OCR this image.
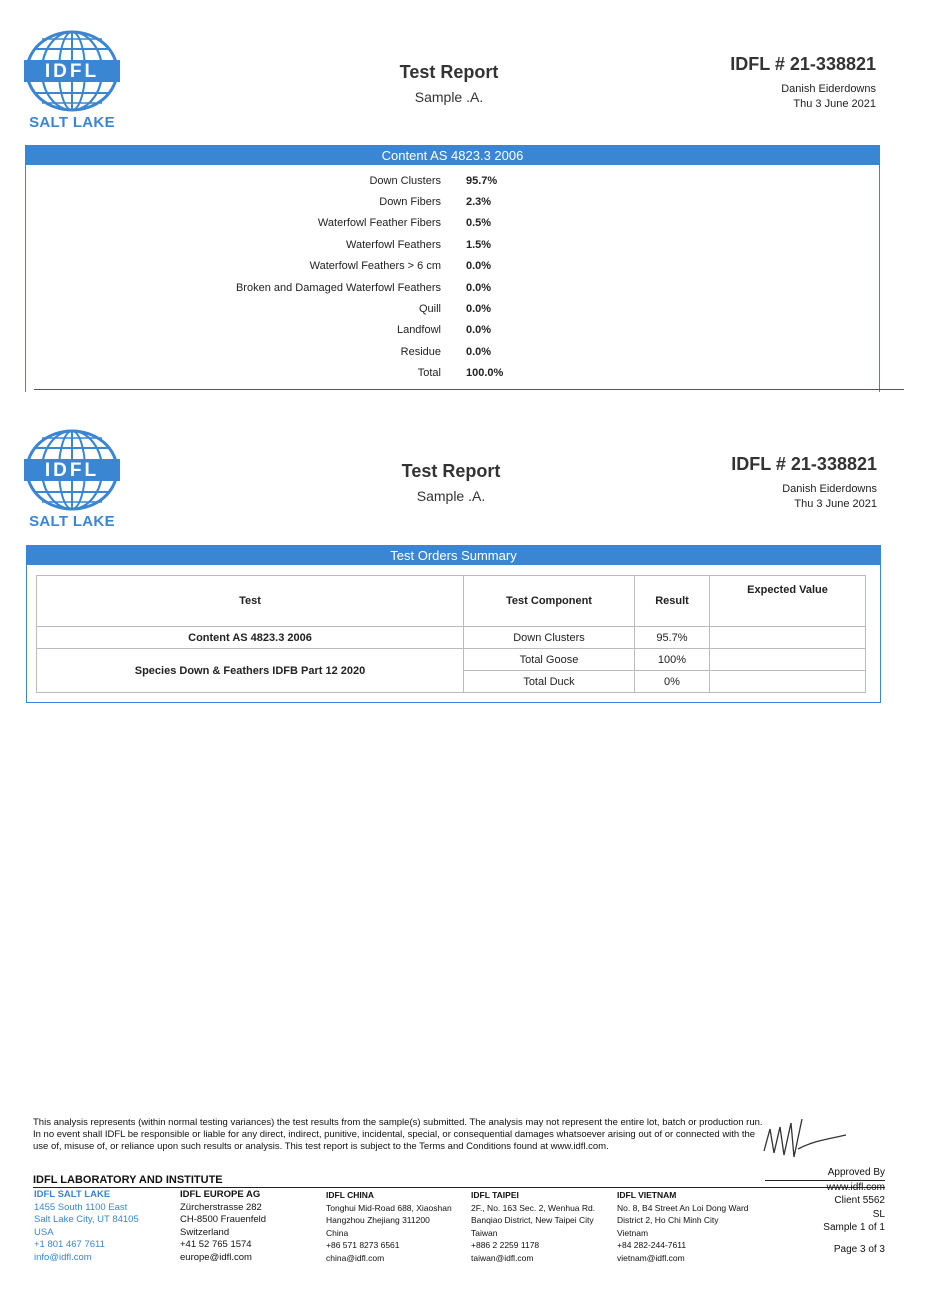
IDFL
SALT LAKE
Test Report
Sample .A.
IDFL # 21-338821
Danish Eiderdowns
Thu 3 June 2021
Content AS 4823.3 2006
Down Clusters 95.7%
Down Fibers 2.3%
Waterfowl Feather Fibers 0.5%
Waterfowl Feathers 1.5%
Waterfowl Feathers > 6 cm 0.0%
Broken and Damaged Waterfowl Feathers 0.0%
Quill 0.0%
Landfowl 0.0%
Residue 0.0%
Total 100.0%
IDFL
SALT LAKE
Test Report
Sample .A.
IDFL # 21-338821
Danish Eiderdowns
Thu 3 June 2021
Test Orders Summary
Test	Test Component	Result	Expected Value
Content AS 4823.3 2006	Down Clusters	95.7%	
Species Down & Feathers IDFB Part 12 2020	Total Goose	100%	
	Total Duck	0%	
This analysis represents (within normal testing variances) the test results from the sample(s) submitted. The analysis may not represent the entire lot, batch or production run. In no event shall IDFL be responsible or liable for any direct, indirect, punitive, incidental, special, or consequential damages whatsoever arising out of or connected with the use of, misuse of, or reliance upon such results or analysis. This test report is subject to the Terms and Conditions found at www.idfl.com.
IDFL LABORATORY AND INSTITUTE
IDFL SALT LAKE
1455 South 1100 East
Salt Lake City, UT 84105
USA
+1 801 467 7611
info@idfl.com
IDFL EUROPE AG
Zürcherstrasse 282
CH-8500 Frauenfeld
Switzerland
+41 52 765 1574
europe@idfl.com
IDFL CHINA
Tonghui Mid-Road 688, Xiaoshan
Hangzhou Zhejiang 311200
China
+86 571 8273 6561
china@idfl.com
IDFL TAIPEI
2F., No. 163 Sec. 2, Wenhua Rd.
Banqiao District, New Taipei City
Taiwan
+886 2 2259 1178
taiwan@idfl.com
IDFL VIETNAM
No. 8, B4 Street An Loi Dong Ward
District 2, Ho Chi Minh City
Vietnam
+84 282-244-7611
vietnam@idfl.com
Approved By
www.idfl.com
Client 5562
SL
Sample 1 of 1
Page 3 of 3
